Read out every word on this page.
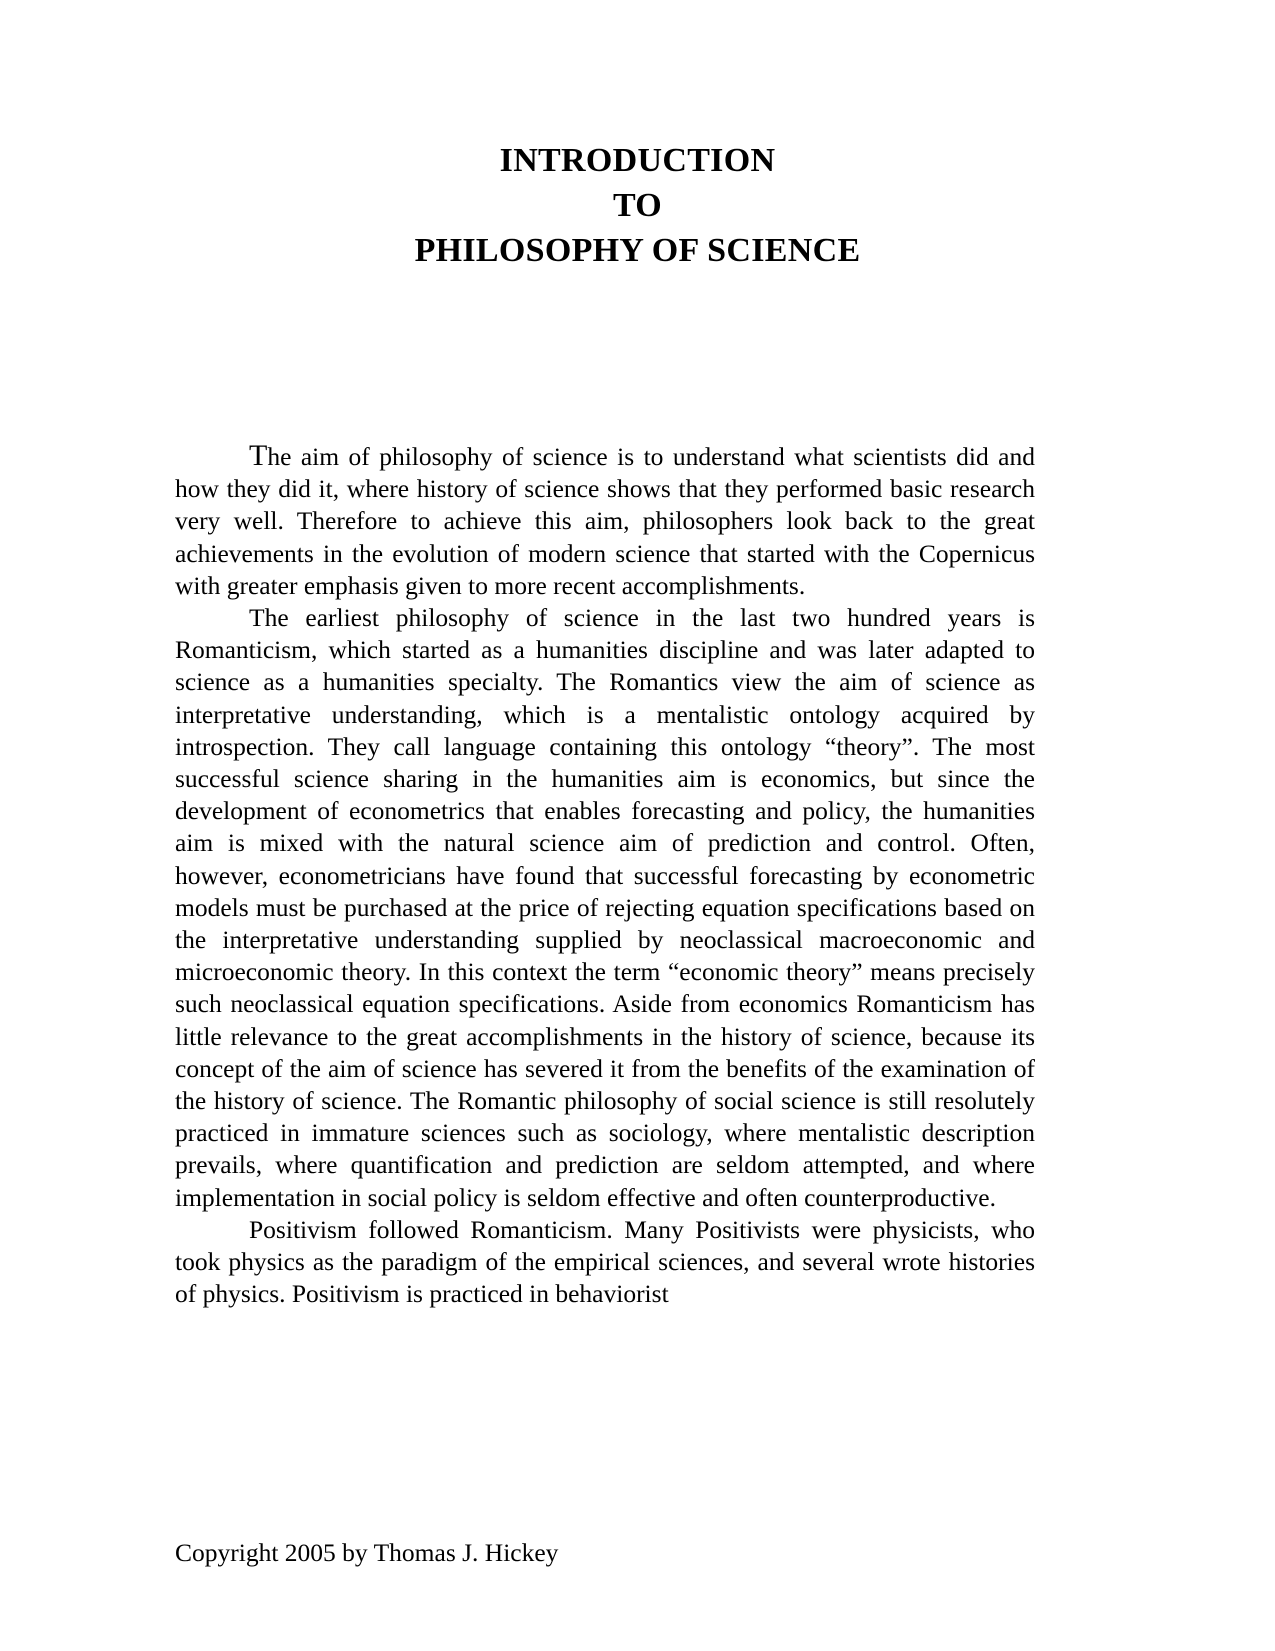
INTRODUCTION
TO
PHILOSOPHY OF SCIENCE

The aim of philosophy of science is to understand what scientists did and how they did it, where history of science shows that they performed basic research very well. Therefore to achieve this aim, philosophers look back to the great achievements in the evolution of modern science that started with the Copernicus with greater emphasis given to more recent accomplishments.

The earliest philosophy of science in the last two hundred years is Romanticism, which started as a humanities discipline and was later adapted to science as a humanities specialty. The Romantics view the aim of science as interpretative understanding, which is a mentalistic ontology acquired by introspection. They call language containing this ontology “theory”. The most successful science sharing in the humanities aim is economics, but since the development of econometrics that enables forecasting and policy, the humanities aim is mixed with the natural science aim of prediction and control. Often, however, econometricians have found that successful forecasting by econometric models must be purchased at the price of rejecting equation specifications based on the interpretative understanding supplied by neoclassical macroeconomic and microeconomic theory. In this context the term “economic theory” means precisely such neoclassical equation specifications. Aside from economics Romanticism has little relevance to the great accomplishments in the history of science, because its concept of the aim of science has severed it from the benefits of the examination of the history of science. The Romantic philosophy of social science is still resolutely practiced in immature sciences such as sociology, where mentalistic description prevails, where quantification and prediction are seldom attempted, and where implementation in social policy is seldom effective and often counterproductive.

Positivism followed Romanticism. Many Positivists were physicists, who took physics as the paradigm of the empirical sciences, and several wrote histories of physics. Positivism is practiced in behaviorist

Copyright 2005 by Thomas J. Hickey
